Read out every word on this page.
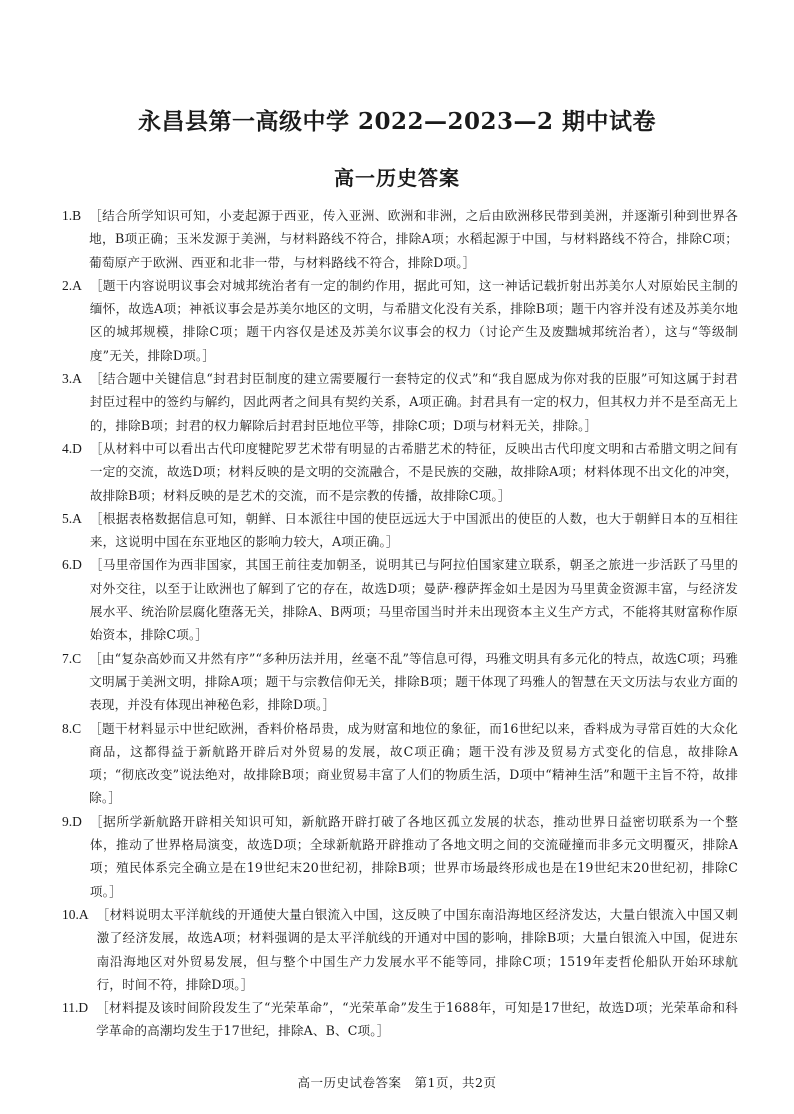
永昌县第一高级中学 2022—2023—2 期中试卷
高一历史答案
1.B ［结合所学知识可知，小麦起源于西亚，传入亚洲、欧洲和非洲，之后由欧洲移民带到美洲，并逐渐引种到世界各地，B项正确；玉米发源于美洲，与材料路线不符合，排除A项；水稻起源于中国，与材料路线不符合，排除C项；葡萄原产于欧洲、西亚和北非一带，与材料路线不符合，排除D项。］
2.A ［题干内容说明议事会对城邦统治者有一定的制约作用，据此可知，这一神话记载折射出苏美尔人对原始民主制的缅怀，故选A项；神祇议事会是苏美尔地区的文明，与希腊文化没有关系，排除B项；题干内容并没有述及苏美尔地区的城邦规模，排除C项；题干内容仅是述及苏美尔议事会的权力（讨论产生及废黜城邦统治者），这与“等级制度”无关，排除D项。］
3.A ［结合题中关键信息“封君封臣制度的建立需要履行一套特定的仪式”和“我自愿成为你对我的臣服”可知这属于封君封臣过程中的签约与解约，因此两者之间具有契约关系，A项正确。封君具有一定的权力，但其权力并不是至高无上的，排除B项；封君的权力解除后封君封臣地位平等，排除C项；D项与材料无关，排除。］
4.D ［从材料中可以看出古代印度犍陀罗艺术带有明显的古希腊艺术的特征，反映出古代印度文明和古希腊文明之间有一定的交流，故选D项；材料反映的是文明的交流融合，不是民族的交融，故排除A项；材料体现不出文化的冲突，故排除B项；材料反映的是艺术的交流，而不是宗教的传播，故排除C项。］
5.A ［根据表格数据信息可知，朝鲜、日本派往中国的使臣远远大于中国派出的使臣的人数，也大于朝鲜日本的互相往来，这说明中国在东亚地区的影响力较大，A项正确。］
6.D ［马里帝国作为西非国家，其国王前往麦加朝圣，说明其已与阿拉伯国家建立联系，朝圣之旅进一步活跃了马里的对外交往，以至于让欧洲也了解到了它的存在，故选D项；曼萨·穆萨挥金如土是因为马里黄金资源丰富，与经济发展水平、统治阶层腐化堕落无关，排除A、B两项；马里帝国当时并未出现资本主义生产方式，不能将其财富称作原始资本，排除C项。］
7.C ［由“复杂高妙而又井然有序”“多种历法并用，丝毫不乱”等信息可得，玛雅文明具有多元化的特点，故选C项；玛雅文明属于美洲文明，排除A项；题干与宗教信仰无关，排除B项；题干体现了玛雅人的智慧在天文历法与农业方面的表现，并没有体现出神秘色彩，排除D项。］
8.C ［题干材料显示中世纪欧洲，香料价格昂贵，成为财富和地位的象征，而16世纪以来，香料成为寻常百姓的大众化商品，这都得益于新航路开辟后对外贸易的发展，故C项正确；题干没有涉及贸易方式变化的信息，故排除A项；“彻底改变”说法绝对，故排除B项；商业贸易丰富了人们的物质生活，D项中“精神生活”和题干主旨不符，故排除。］
9.D ［据所学新航路开辟相关知识可知，新航路开辟打破了各地区孤立发展的状态，推动世界日益密切联系为一个整体，推动了世界格局演变，故选D项；全球新航路开辟推动了各地文明之间的交流碰撞而非多元文明覆灭，排除A项；殖民体系完全确立是在19世纪末20世纪初，排除B项；世界市场最终形成也是在19世纪末20世纪初，排除C项。］
10.A ［材料说明太平洋航线的开通使大量白银流入中国，这反映了中国东南沿海地区经济发达，大量白银流入中国又刺激了经济发展，故选A项；材料强调的是太平洋航线的开通对中国的影响，排除B项；大量白银流入中国，促进东南沿海地区对外贸易发展，但与整个中国生产力发展水平不能等同，排除C项；1519年麦哲伦船队开始环球航行，时间不符，排除D项。］
11.D ［材料提及该时间阶段发生了“光荣革命”，“光荣革命”发生于1688年，可知是17世纪，故选D项；光荣革命和科学革命的高潮均发生于17世纪，排除A、B、C项。］
高一历史试卷答案　第1页，共2页
